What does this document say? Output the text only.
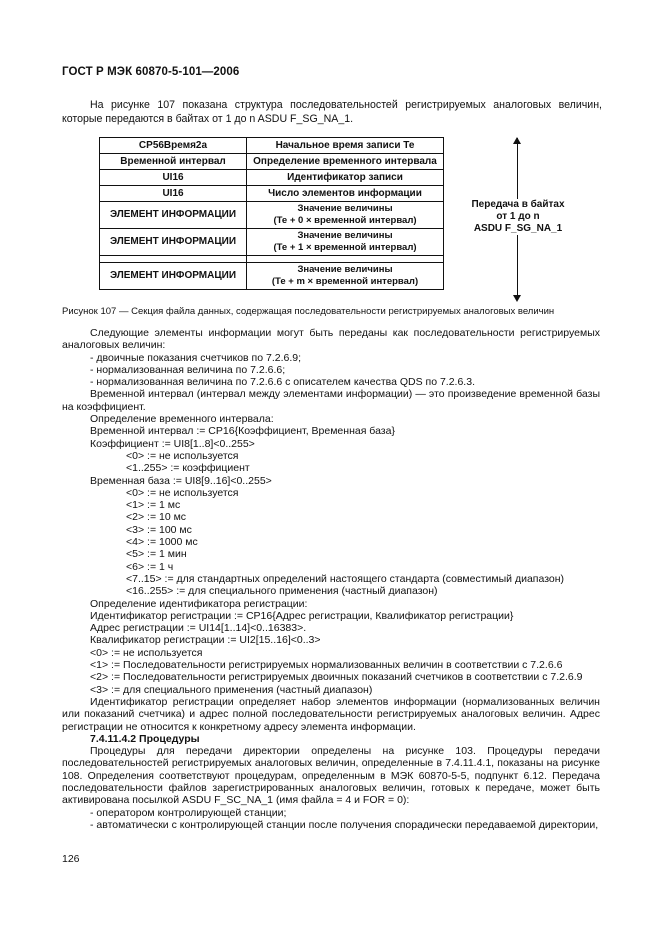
ГОСТ Р МЭК 60870-5-101—2006
На рисунке 107 показана структура последовательностей регистрируемых аналоговых величин, которые передаются в байтах от 1 до n ASDU F_SG_NA_1.
CP56Время2a	Начальное время записи Те
Временной интервал	Определение временного интервала
UI16	Идентификатор записи
UI16	Число элементов информации
ЭЛЕМЕНТ ИНФОРМАЦИИ	Значение величины
(Те + 0 × временной интервал)

ЭЛЕМЕНТ ИНФОРМАЦИИ	Значение величины
(Те + 1 × временной интервал)

ЭЛЕМЕНТ ИНФОРМАЦИИ	Значение величины
(Те + m × временной интервал)
Передача в байтах
от 1 до n
ASDU F_SG_NA_1
Рисунок 107 — Секция файла данных, содержащая последовательности регистрируемых аналоговых величин

Следующие элементы информации могут быть переданы как последовательности регистрируемых аналоговых величин:

- двоичные показания счетчиков по 7.2.6.9;

- нормализованная величина по 7.2.6.6;

- нормализованная величина по 7.2.6.6 с описателем качества QDS по 7.2.6.3.

Временной интервал (интервал между элементами информации) — это произведение временной базы на коэффициент.

Определение временного интервала:

Временной интервал := CP16{Коэффициент, Временная база}

Коэффициент := UI8[1..8]<0..255>

<0> := не используется

<1..255> := коэффициент

Временная база := UI8[9..16]<0..255>

<0> := не используется

<1> := 1 мс

<2> := 10 мс

<3> := 100 мс

<4> := 1000 мс

<5> := 1 мин

<6> := 1 ч

<7..15> := для стандартных определений настоящего стандарта (совместимый диапазон)

<16..255> := для специального применения (частный диапазон)

Определение идентификатора регистрации:

Идентификатор регистрации := CP16{Адрес регистрации, Квалификатор регистрации}

Адрес регистрации := UI14[1..14]<0..16383>.

Квалификатор регистрации := UI2[15..16]<0..3>

<0> := не используется

<1> := Последовательности регистрируемых нормализованных величин в соответствии с 7.2.6.6

<2> := Последовательности регистрируемых двоичных показаний счетчиков в соответствии с 7.2.6.9

<3> := для специального применения (частный диапазон)

Идентификатор регистрации определяет набор элементов информации (нормализованных величин или показаний счетчика) и адрес полной последовательности регистрируемых аналоговых величин. Адрес регистрации не относится к конкретному адресу элемента информации.

7.4.11.4.2 Процедуры

Процедуры для передачи директории определены на рисунке 103. Процедуры передачи последовательностей регистрируемых аналоговых величин, определенные в 7.4.11.4.1, показаны на рисунке 108. Определения соответствуют процедурам, определенным в МЭК 60870-5-5, подпункт 6.12. Передача последовательности файлов зарегистрированных аналоговых величин, готовых к передаче, может быть активирована посылкой ASDU F_SC_NA_1 (имя файла = 4 и FOR = 0):

- оператором контролирующей станции;

- автоматически с контролирующей станции после получения спорадически передаваемой директории,

126
